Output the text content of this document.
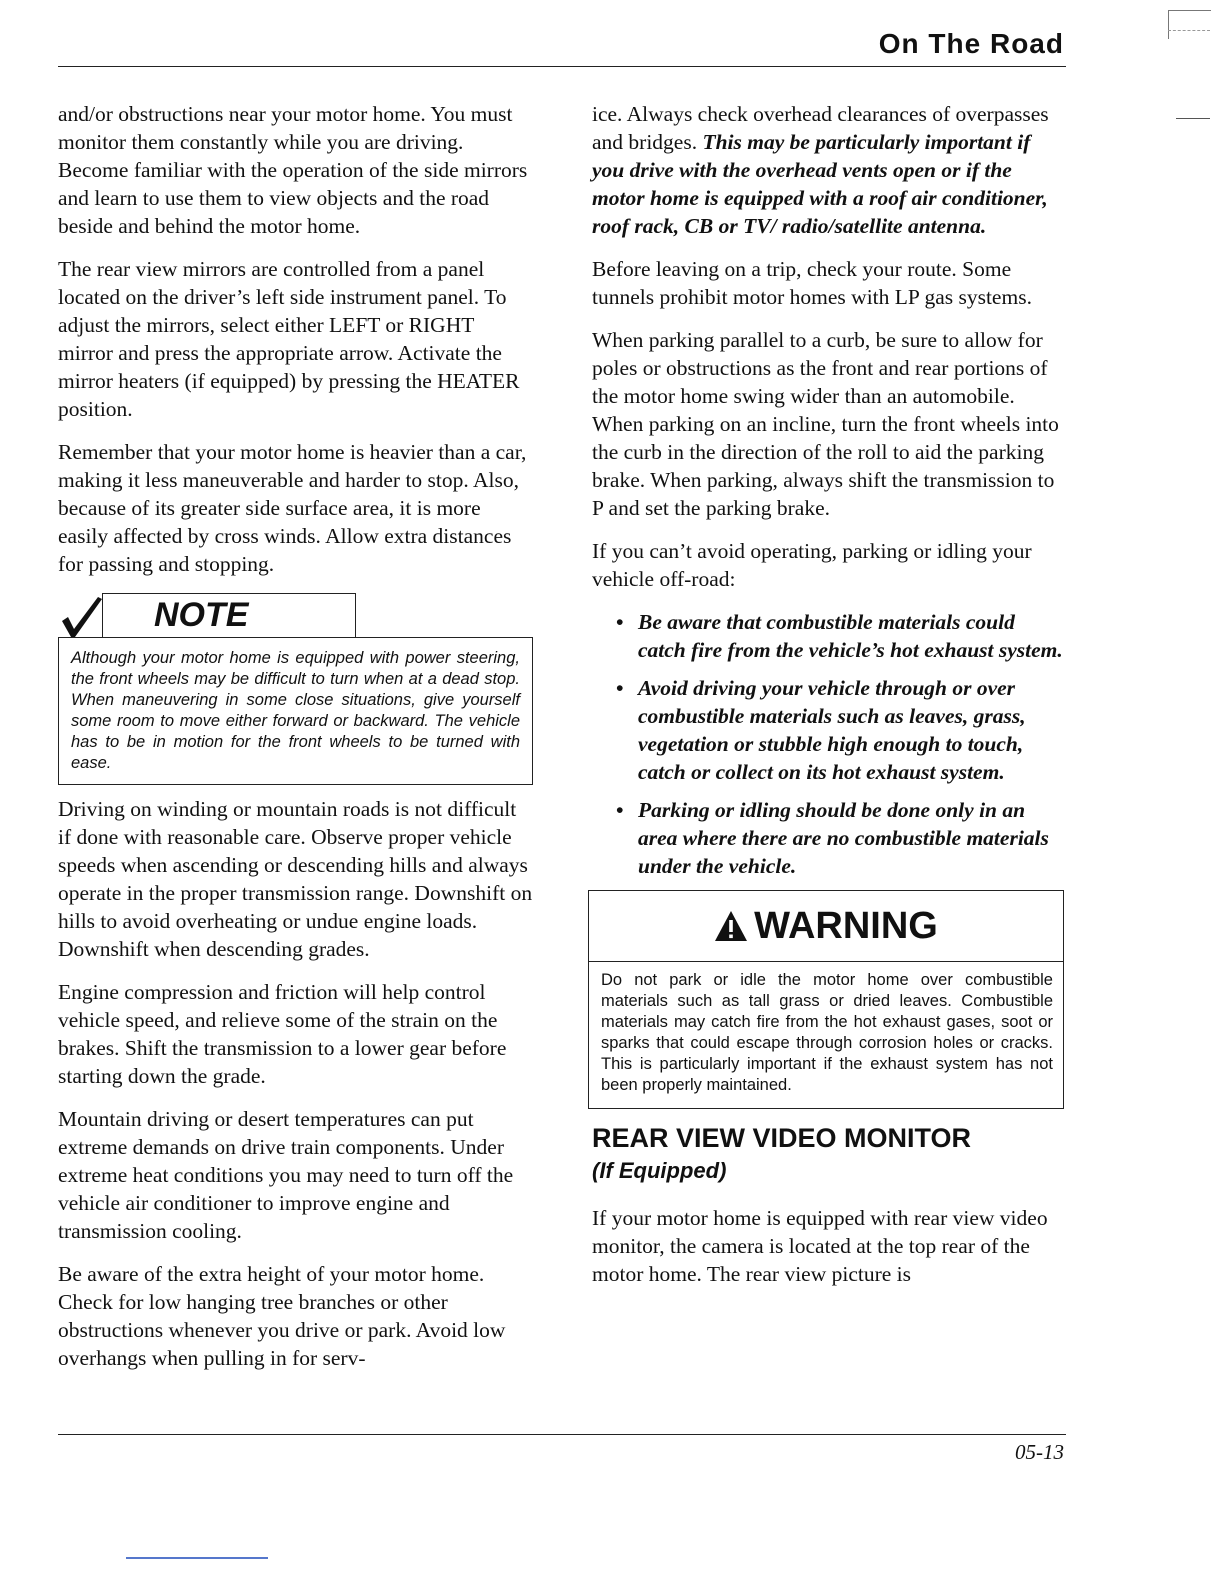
On The Road

and/or obstructions near your motor home. You must monitor them constantly while you are driving. Become familiar with the operation of the side mirrors and learn to use them to view objects and the road beside and behind the motor home.

The rear view mirrors are controlled from a panel located on the driver’s left side instrument panel. To adjust the mirrors, select either LEFT or RIGHT mirror and press the appropriate arrow. Activate the mirror heaters (if equipped) by pressing the HEATER position.

Remember that your motor home is heavier than a car, making it less maneuverable and harder to stop. Also, because of its greater side surface area, it is more easily affected by cross winds. Allow extra distances for passing and stopping.

NOTE
Although your motor home is equipped with power steering, the front wheels may be difficult to turn when at a dead stop. When maneuvering in some close situations, give yourself some room to move either forward or backward. The vehicle has to be in motion for the front wheels to be turned with ease.

Driving on winding or mountain roads is not difficult if done with reasonable care. Observe proper vehicle speeds when ascending or descending hills and always operate in the proper transmission range. Downshift on hills to avoid overheating or undue engine loads. Downshift when descending grades.

Engine compression and friction will help control vehicle speed, and relieve some of the strain on the brakes. Shift the transmission to a lower gear before starting down the grade.

Mountain driving or desert temperatures can put extreme demands on drive train components. Under extreme heat conditions you may need to turn off the vehicle air conditioner to improve engine and transmission cooling.

Be aware of the extra height of your motor home. Check for low hanging tree branches or other obstructions whenever you drive or park. Avoid low overhangs when pulling in for serv-

ice. Always check overhead clearances of overpasses and bridges. This may be particularly important if you drive with the overhead vents open or if the motor home is equipped with a roof air conditioner, roof rack, CB or TV/ radio/satellite antenna.

Before leaving on a trip, check your route. Some tunnels prohibit motor homes with LP gas systems.

When parking parallel to a curb, be sure to allow for poles or obstructions as the front and rear portions of the motor home swing wider than an automobile. When parking on an incline, turn the front wheels into the curb in the direction of the roll to aid the parking brake. When parking, always shift the transmission to P and set the parking brake.

If you can’t avoid operating, parking or idling your vehicle off-road:

• Be aware that combustible materials could catch fire from the vehicle’s hot exhaust system.
• Avoid driving your vehicle through or over combustible materials such as leaves, grass, vegetation or stubble high enough to touch, catch or collect on its hot exhaust system.
• Parking or idling should be done only in an area where there are no combustible materials under the vehicle.
WARNING
Do not park or idle the motor home over combustible materials such as tall grass or dried leaves. Combustible materials may catch fire from the hot exhaust gases, soot or sparks that could escape through corrosion holes or cracks. This is particularly important if the exhaust system has not been properly maintained.
REAR VIEW VIDEO MONITOR
(If Equipped)

If your motor home is equipped with rear view video monitor, the camera is located at the top rear of the motor home. The rear view picture is

05-13
